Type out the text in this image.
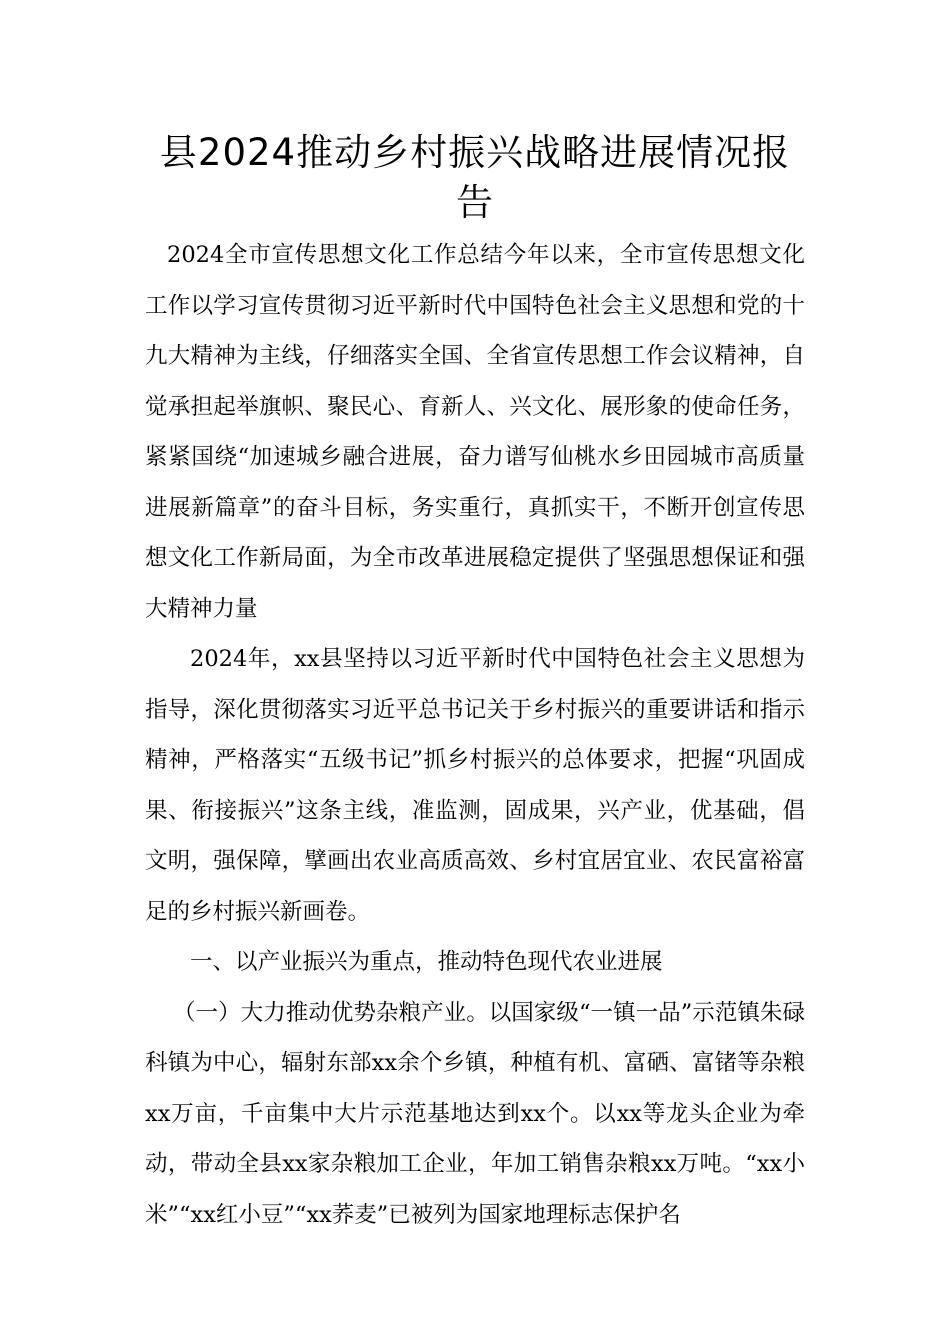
县2024推动乡村振兴战略进展情况报告

2024全市宣传思想文化工作总结今年以来，全市宣传思想文化工作以学习宣传贯彻习近平新时代中国特色社会主义思想和党的十九大精神为主线，仔细落实全国、全省宣传思想工作会议精神，自觉承担起举旗帜、聚民心、育新人、兴文化、展形象的使命任务，紧紧国绕“加速城乡融合进展，奋力谱写仙桃水乡田园城市高质量进展新篇章”的奋斗目标，务实重行，真抓实干，不断开创宣传思想文化工作新局面，为全市改革进展稳定提供了坚强思想保证和强大精神力量

2024年，xx县坚持以习近平新时代中国特色社会主义思想为指导，深化贯彻落实习近平总书记关于乡村振兴的重要讲话和指示精神，严格落实“五级书记”抓乡村振兴的总体要求，把握“巩固成果、衔接振兴”这条主线，准监测，固成果，兴产业，优基础，倡文明，强保障，擘画出农业高质高效、乡村宜居宜业、农民富裕富足的乡村振兴新画卷。

一、以产业振兴为重点，推动特色现代农业进展

（一）大力推动优势杂粮产业。以国家级“一镇一品”示范镇朱碌科镇为中心，辐射东部xx余个乡镇，种植有机、富硒、富锗等杂粮xx万亩，千亩集中大片示范基地达到xx个。以xx等龙头企业为牵动，带动全县xx家杂粮加工企业，年加工销售杂粮xx万吨。“xx小米”“xx红小豆”“xx荞麦”已被列为国家地理标志保护名
